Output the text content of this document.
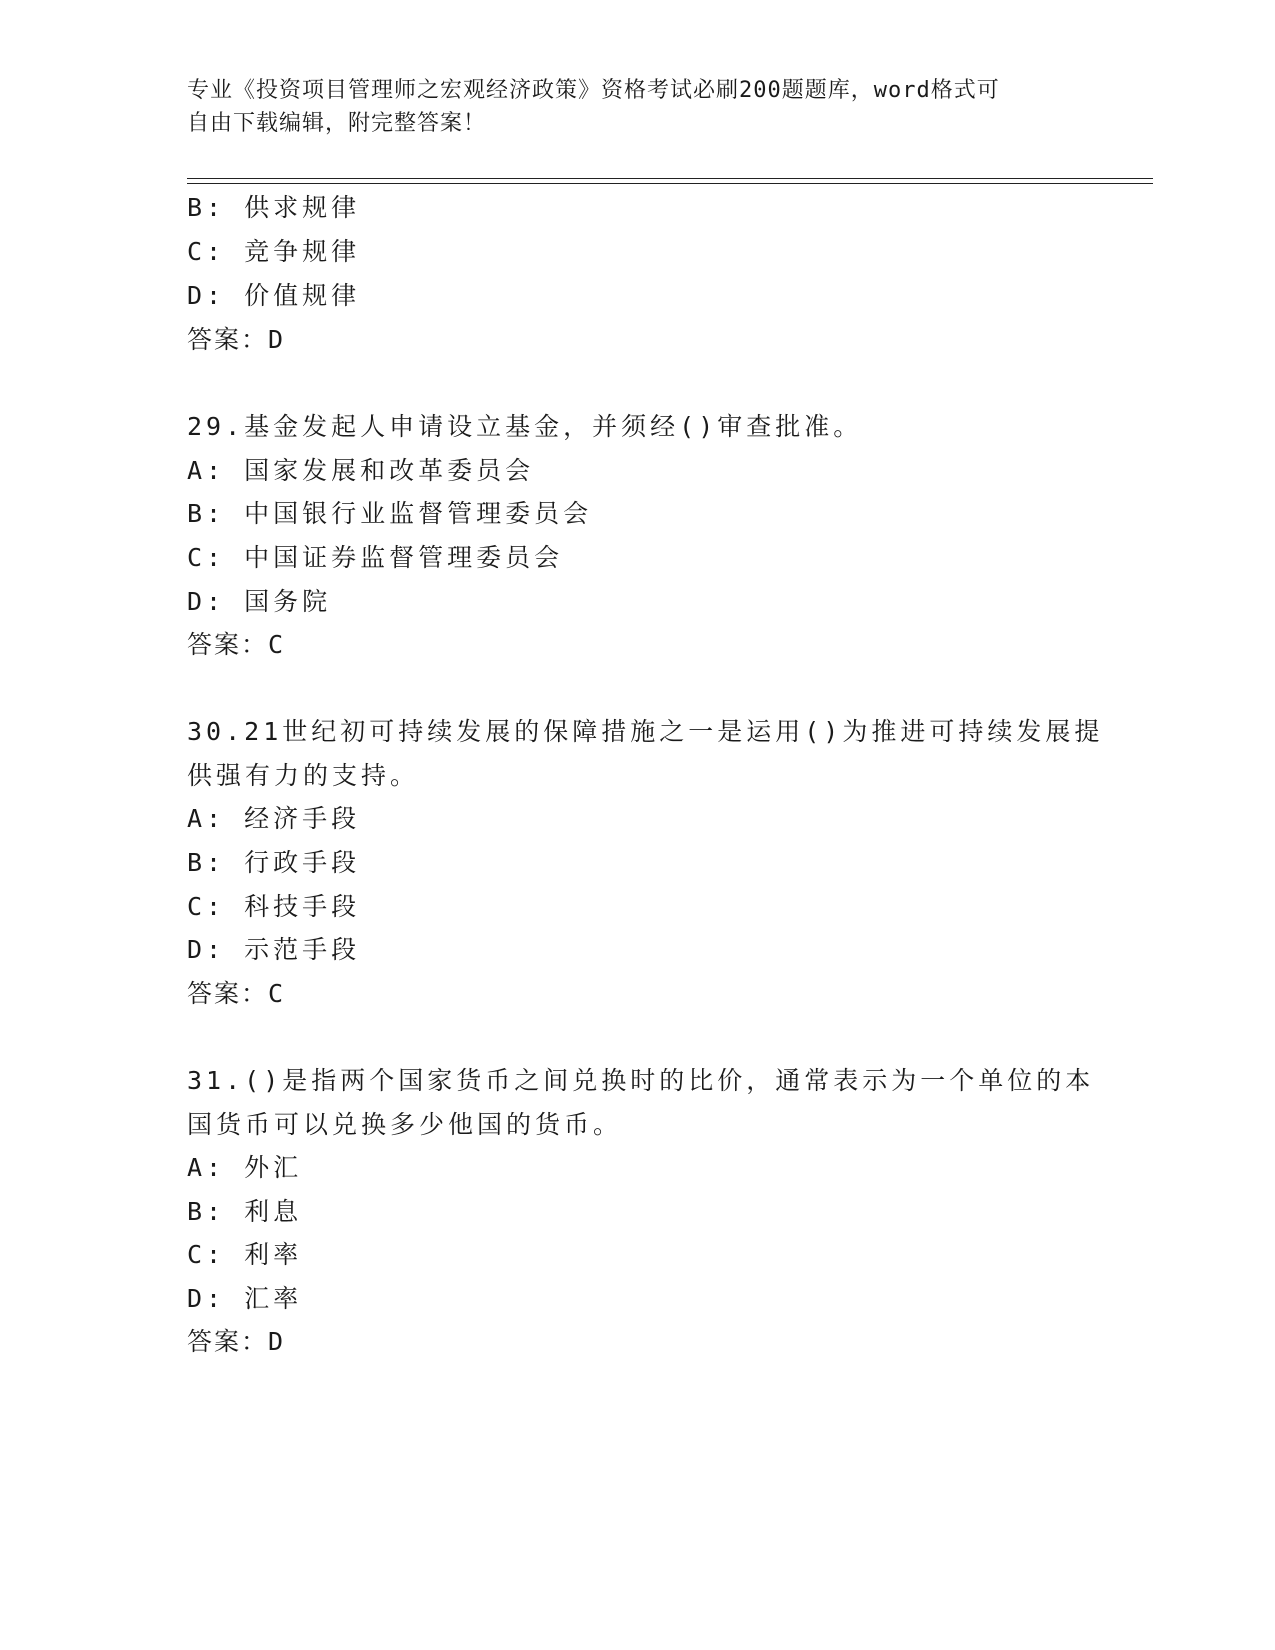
专业《投资项目管理师之宏观经济政策》资格考试必刷200题题库，word格式可
自由下载编辑，附完整答案！
B: 供求规律
C: 竞争规律
D: 价值规律
答案：D
29.基金发起人申请设立基金，并须经()审查批准。
A: 国家发展和改革委员会
B: 中国银行业监督管理委员会
C: 中国证券监督管理委员会
D: 国务院
答案：C
30.21世纪初可持续发展的保障措施之一是运用()为推进可持续发展提
供强有力的支持。
A: 经济手段
B: 行政手段
C: 科技手段
D: 示范手段
答案：C
31.()是指两个国家货币之间兑换时的比价，通常表示为一个单位的本
国货币可以兑换多少他国的货币。
A: 外汇
B: 利息
C: 利率
D: 汇率
答案：D
